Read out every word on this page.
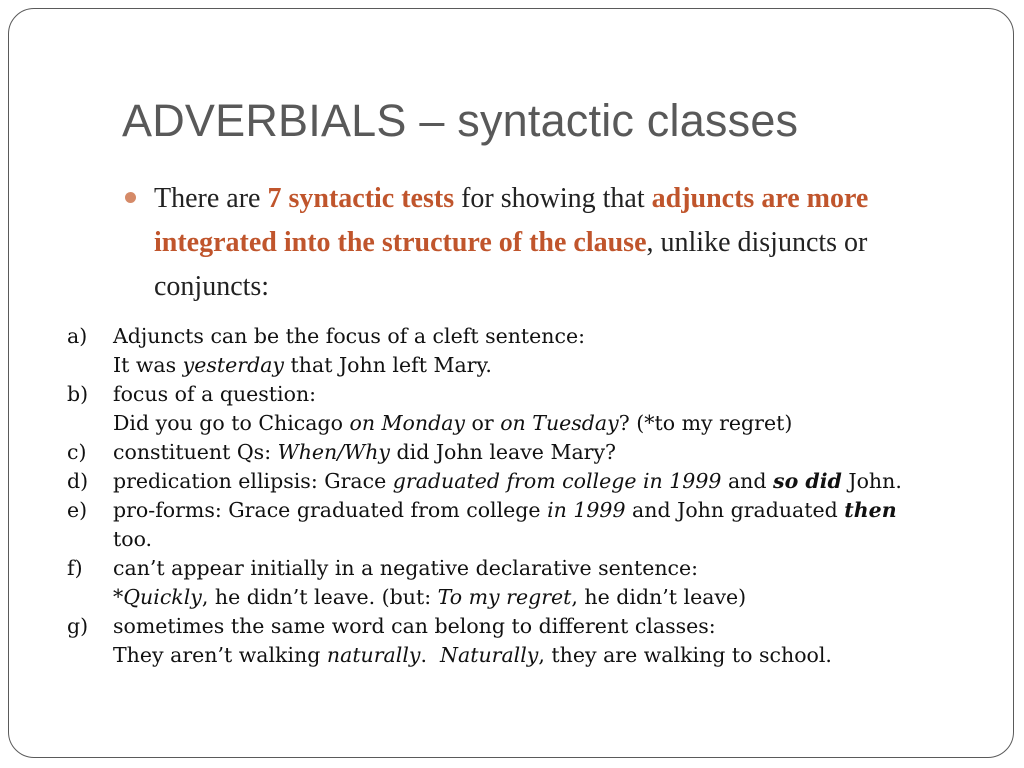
ADVERBIALS – syntactic classes
There are 7 syntactic tests for showing that adjuncts are more integrated into the structure of the clause, unlike disjuncts or conjuncts:
a) Adjuncts can be the focus of a cleft sentence:
It was yesterday that John left Mary.
b) focus of a question:
Did you go to Chicago on Monday or on Tuesday? (*to my regret)
c) constituent Qs: When/Why did John leave Mary?
d) predication ellipsis: Grace graduated from college in 1999 and so did John.
e) pro-forms: Grace graduated from college in 1999 and John graduated then
too.
f) can’t appear initially in a negative declarative sentence:
*Quickly, he didn’t leave. (but: To my regret, he didn’t leave)
g) sometimes the same word can belong to different classes:
They aren’t walking naturally.  Naturally, they are walking to school.
